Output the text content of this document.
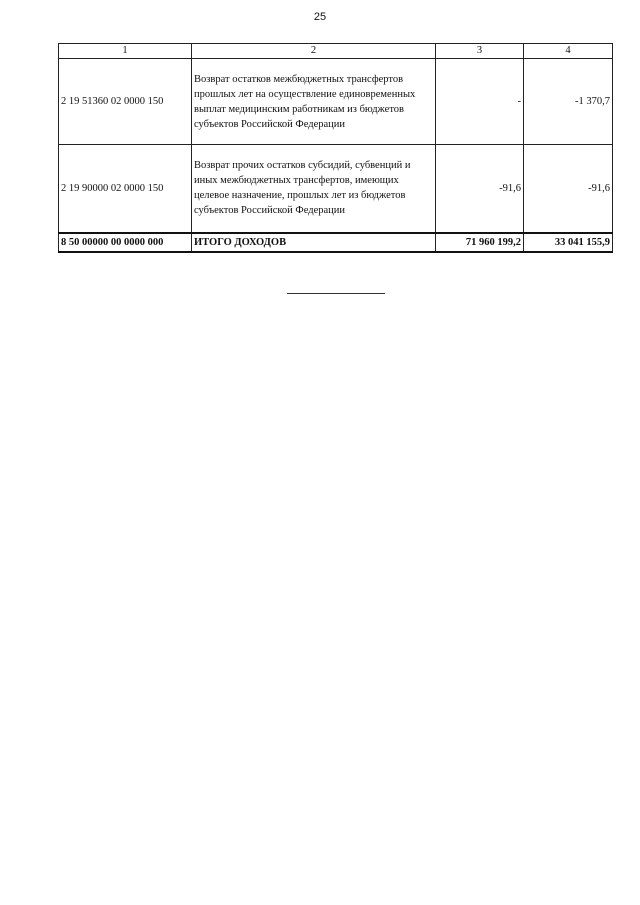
25
1	2	3	4
2 19 51360 02 0000 150	Возврат остатков межбюджетных трансфертов прошлых лет на осуществление единовременных выплат медицинским работникам из бюджетов субъектов Российской Федерации	-	-1 370,7
2 19 90000 02 0000 150	Возврат прочих остатков субсидий, субвенций и иных межбюджетных трансфертов, имеющих целевое назначение, прошлых лет из бюджетов субъектов Российской Федерации	-91,6	-91,6
8 50 00000 00 0000 000	ИТОГО ДОХОДОВ	71 960 199,2	33 041 155,9
